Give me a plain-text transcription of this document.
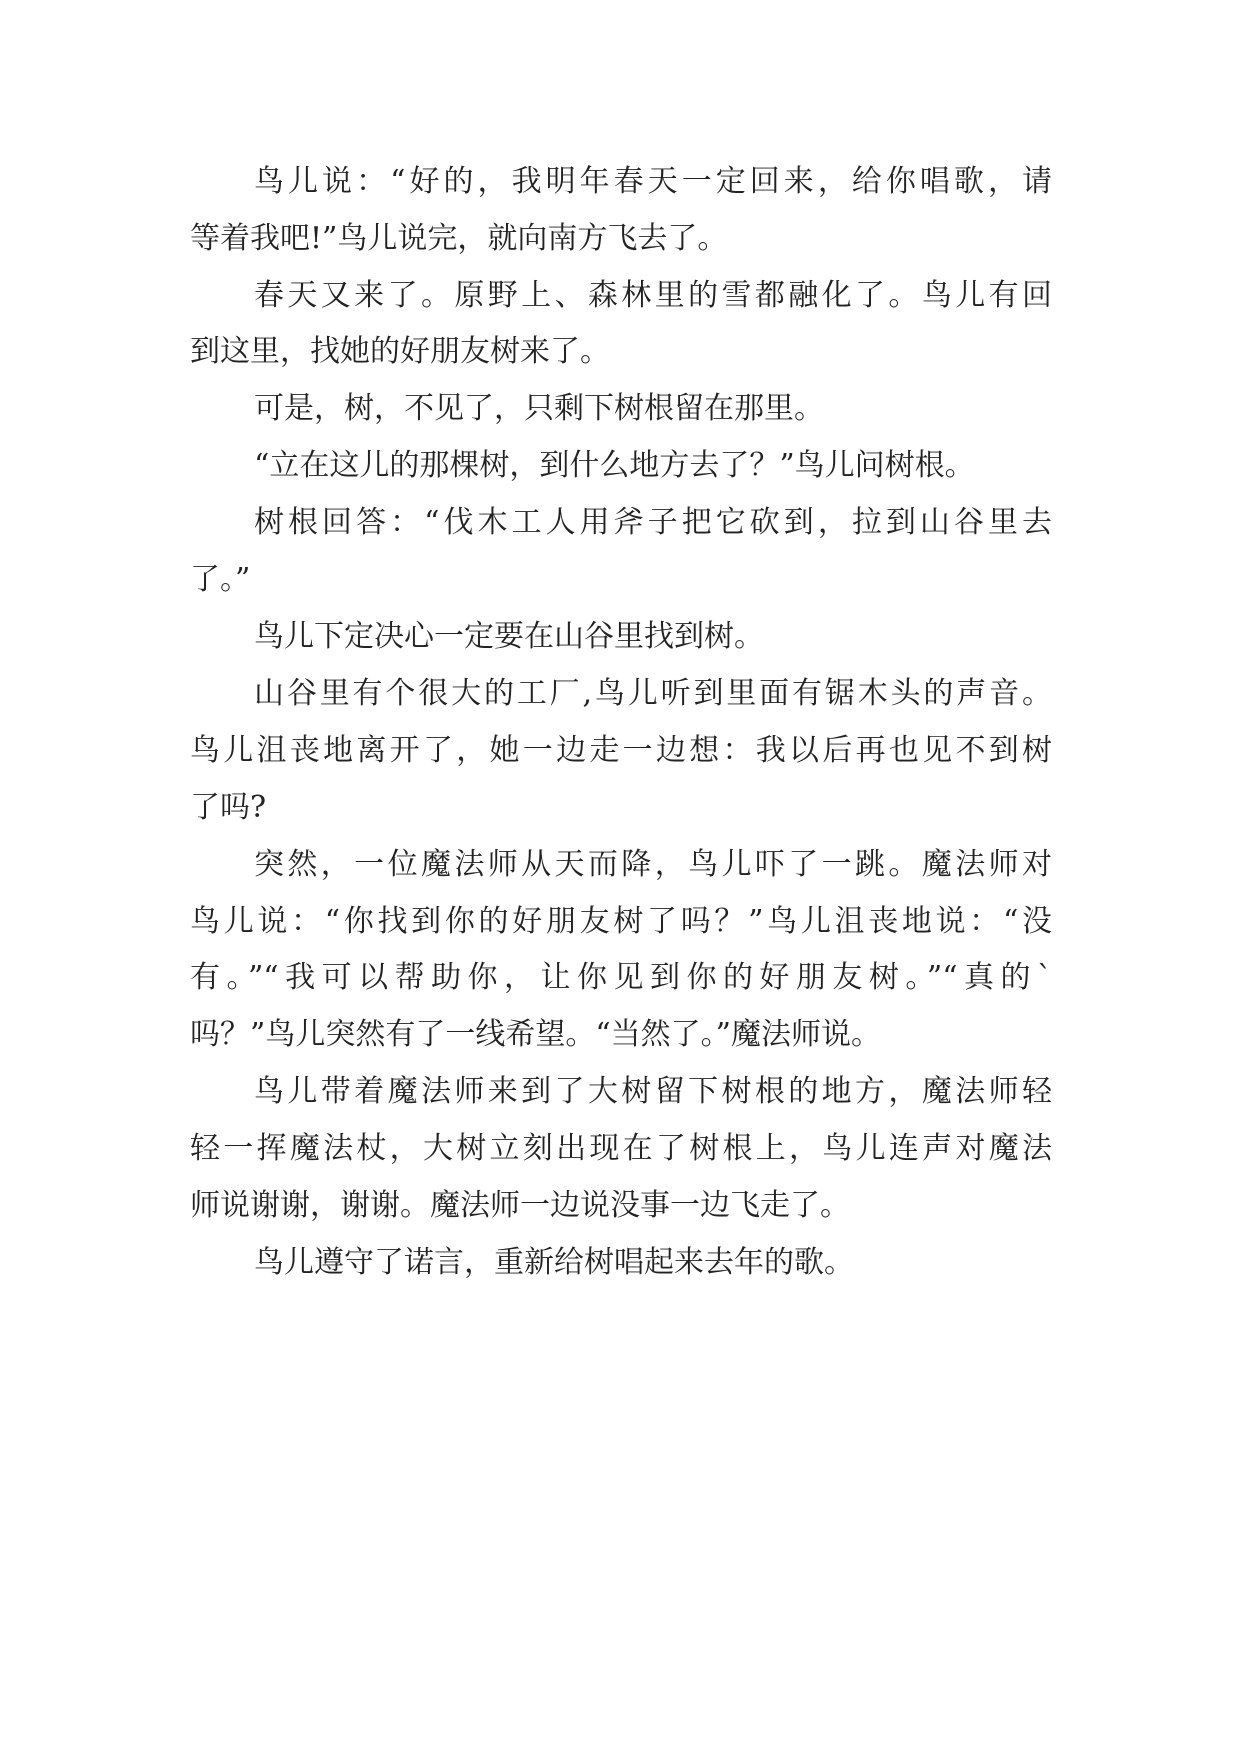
鸟儿说：“好的，我明年春天一定回来，给你唱歌，请
等着我吧!”鸟儿说完，就向南方飞去了。
春天又来了。原野上、森林里的雪都融化了。鸟儿有回
到这里，找她的好朋友树来了。
可是，树，不见了，只剩下树根留在那里。
“立在这儿的那棵树，到什么地方去了？”鸟儿问树根。
树根回答：“伐木工人用斧子把它砍到，拉到山谷里去
了。”
鸟儿下定决心一定要在山谷里找到树。
山谷里有个很大的工厂,鸟儿听到里面有锯木头的声音。
鸟儿沮丧地离开了，她一边走一边想：我以后再也见不到树
了吗?
突然，一位魔法师从天而降，鸟儿吓了一跳。魔法师对
鸟儿说：“你找到你的好朋友树了吗？”鸟儿沮丧地说：“没
有。”“我可以帮助你，让你见到你的好朋友树。”“真的`
吗？”鸟儿突然有了一线希望。“当然了。”魔法师说。
鸟儿带着魔法师来到了大树留下树根的地方，魔法师轻
轻一挥魔法杖，大树立刻出现在了树根上，鸟儿连声对魔法
师说谢谢，谢谢。魔法师一边说没事一边飞走了。
鸟儿遵守了诺言，重新给树唱起来去年的歌。
